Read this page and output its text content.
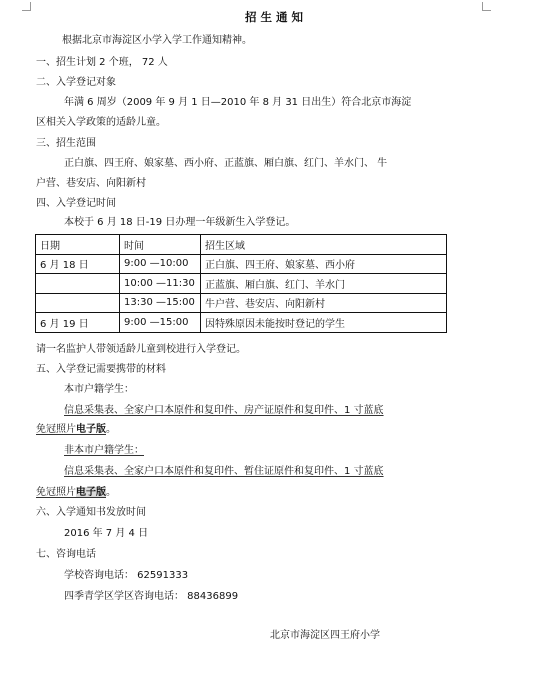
招生通知
根据北京市海淀区小学入学工作通知精神。
一、招生计划 2 个班， 72 人
二、入学登记对象
年满 6 周岁（2009 年 9 月 1 日—2010 年 8 月 31 日出生）符合北京市海淀
区相关入学政策的适龄儿童。
三、招生范围
正白旗、四王府、娘家墓、西小府、正蓝旗、厢白旗、红门、羊水门、 牛
户营、巷安店、向阳新村
四、入学登记时间
本校于 6 月 18 日-19 日办理一年级新生入学登记。
日期	时间	招生区域
6 月 18 日	9:00 —10:00	正白旗、四王府、娘家墓、西小府
	10:00 —11:30	正蓝旗、厢白旗、红门、羊水门
	13:30 —15:00	牛户营、巷安店、向阳新村
6 月 19 日	9:00 —15:00	因特殊原因未能按时登记的学生
请一名监护人带领适龄儿童到校进行入学登记。
五、入学登记需要携带的材料
本市户籍学生：
信息采集表、全家户口本原件和复印件、房产证原件和复印件、1 寸蓝底
免冠照片电子版。
非本市户籍学生：
信息采集表、全家户口本原件和复印件、暂住证原件和复印件、1 寸蓝底
免冠照片电子版。
六、入学通知书发放时间
2016 年 7 月 4 日
七、咨询电话
学校咨询电话： 62591333
四季青学区学区咨询电话： 88436899
北京市海淀区四王府小学
